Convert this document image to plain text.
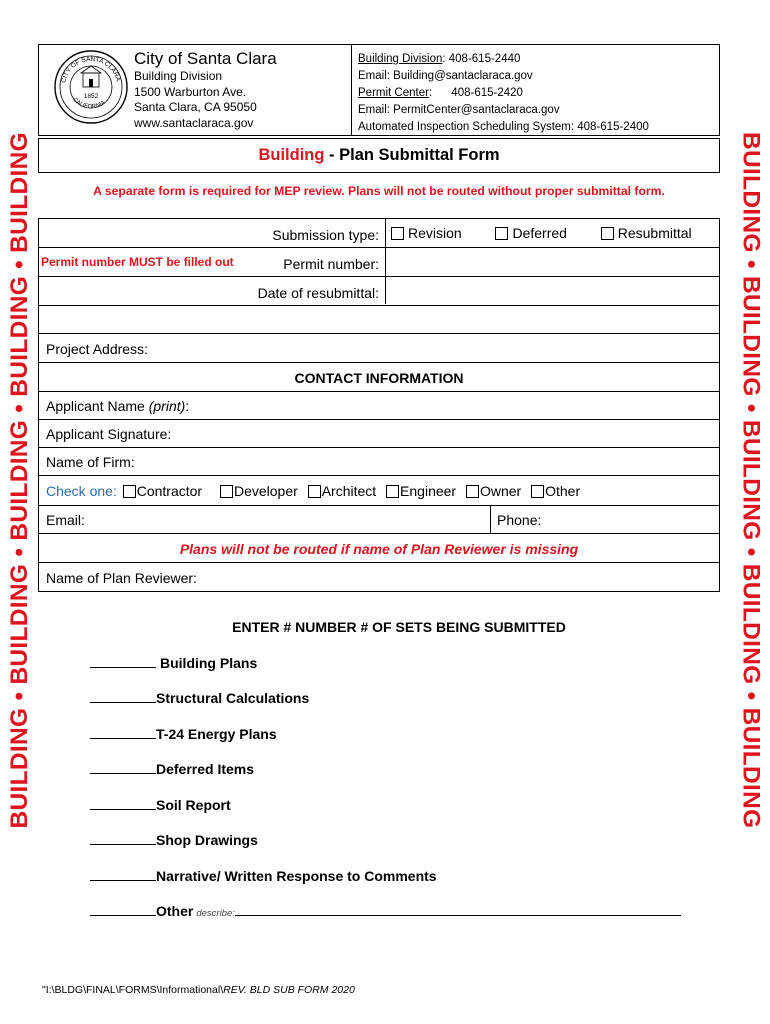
BUILDING • BUILDING • BUILDING • BUILDING • BUILDING	BUILDING • BUILDING • BUILDING • BUILDING • BUILDING
CITY OF SANTA CLARA
CALIFORNIA
1852
City of Santa Clara
Building Division
1500 Warburton Ave.
Santa Clara, CA 95050
www.santaclaraca.gov
Building Division: 408-615-2440
Email: Building@santaclaraca.gov
Permit Center:      408-615-2420
Email: PermitCenter@santaclaraca.gov
Automated Inspection Scheduling System: 408-615-2400
Building - Plan Submittal Form
A separate form is required for MEP review. Plans will not be routed without proper submittal form.
Submission type:	Revision	Deferred	Resubmittal
Permit number MUST be filled out	Permit number:
Date of resubmittal:
Project Address:
CONTACT INFORMATION
Applicant Name (print):
Applicant Signature:
Name of Firm:
Check one: Contractor Developer Architect Engineer Owner Other
Email:	Phone:
Plans will not be routed if name of Plan Reviewer is missing
Name of Plan Reviewer:
ENTER # NUMBER # OF SETS BEING SUBMITTED
Building Plans
Structural Calculations
T-24 Energy Plans
Deferred Items
Soil Report
Shop Drawings
Narrative/ Written Response to Comments
Other describe:
"I:\BLDG\FINAL\FORMS\Informational\REV. BLD SUB FORM 2020
